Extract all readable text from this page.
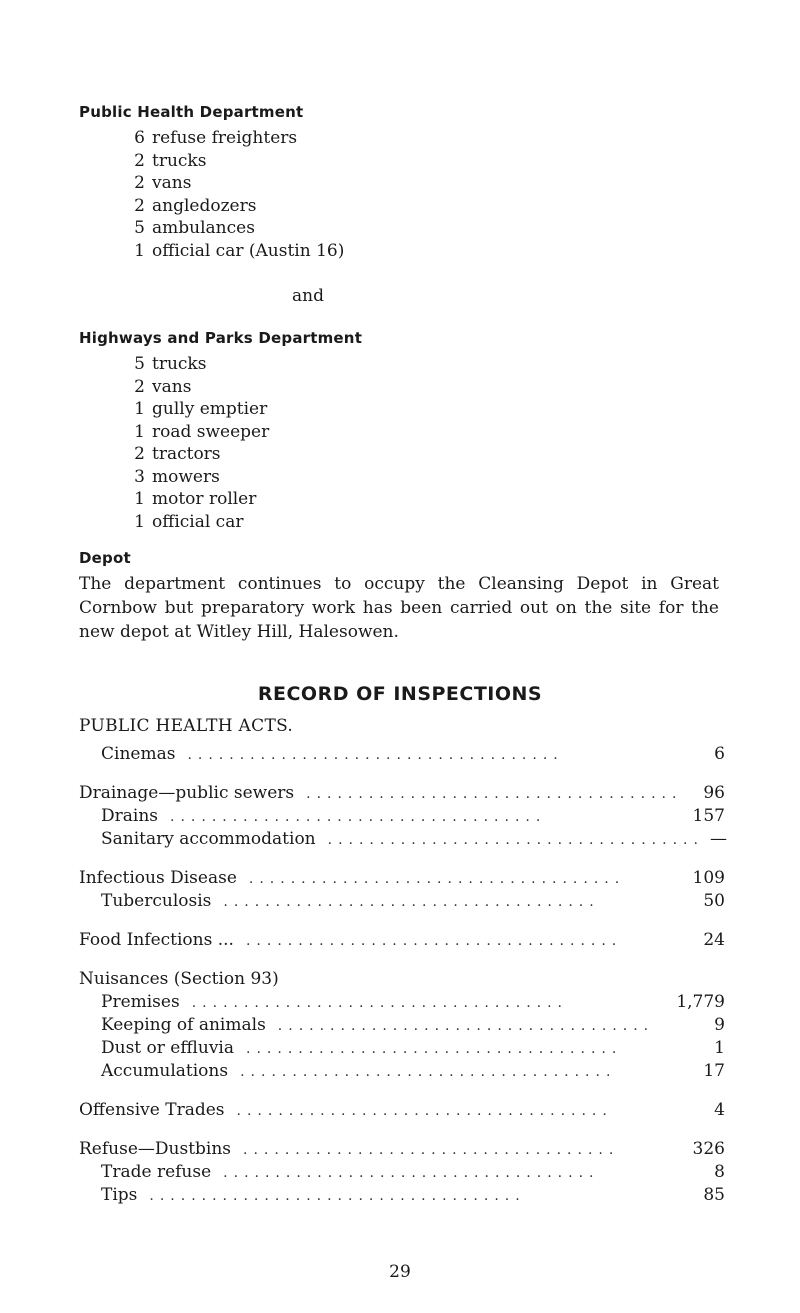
Public Health Department
6 refuse freighters
2 trucks
2 vans
2 angledozers
5 ambulances
1 official car (Austin 16)
and
Highways and Parks Department
5 trucks
2 vans
1 gully emptier
1 road sweeper
2 tractors
3 mowers
1 motor roller
1 official car
Depot

The department continues to occupy the Cleansing Depot in Great Cornbow but preparatory work has been carried out on the site for the new depot at Witley Hill, Halesowen.

RECORD OF INSPECTIONS
PUBLIC HEALTH ACTS.
Cinemas ....................................	6
Drainage—public sewers ....................................	96
Drains ....................................	157
Sanitary accommodation .................................... —
Infectious Disease ....................................	109
Tuberculosis ....................................	50
Food Infections ... ....................................	24
Nuisances (Section 93)
Premises ....................................	1,779
Keeping of animals ....................................	9
Dust or effluvia ....................................	1
Accumulations ....................................	17
Offensive Trades ....................................	4
Refuse—Dustbins ....................................	326
Trade refuse ....................................	8
Tips ....................................	85
29
